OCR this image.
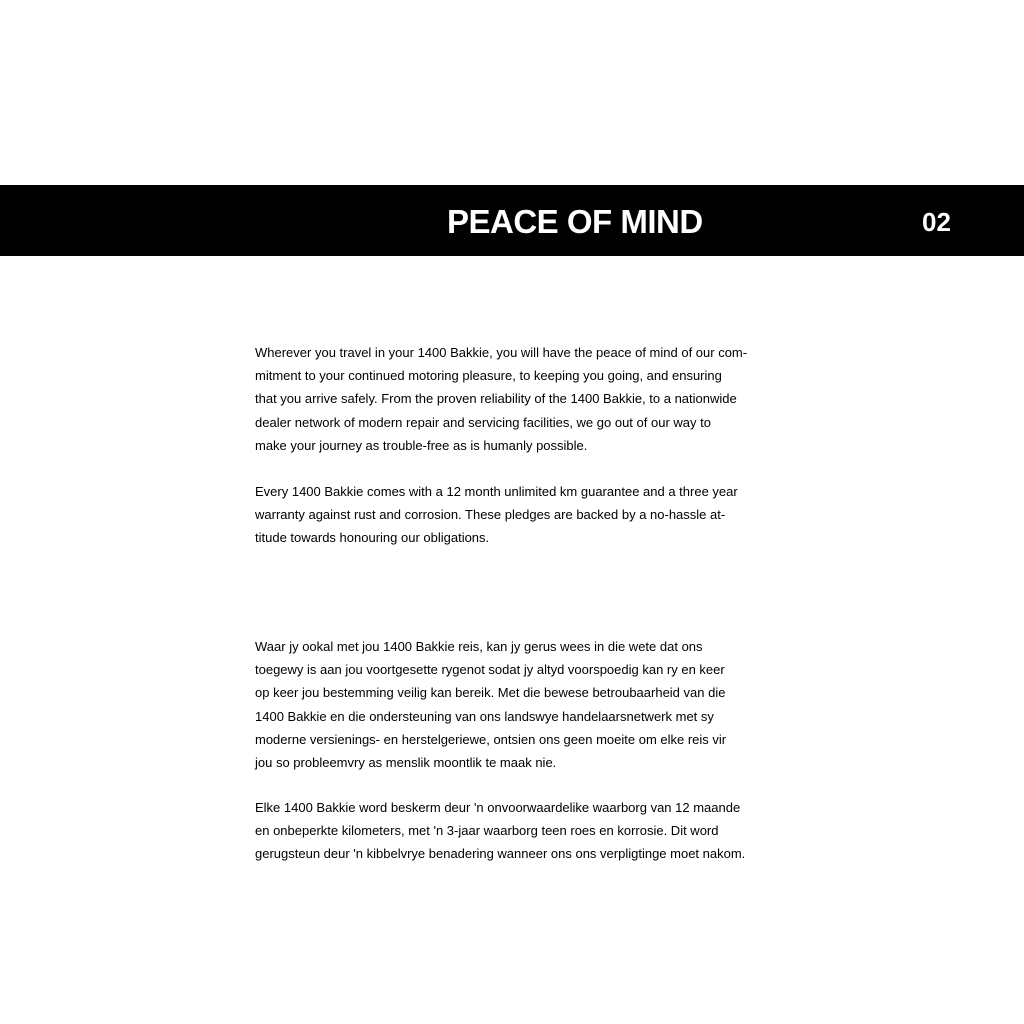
PEACE OF MIND	02
Wherever you travel in your 1400 Bakkie, you will have the peace of mind of our com-
mitment to your continued motoring pleasure, to keeping you going, and ensuring
that you arrive safely. From the proven reliability of the 1400 Bakkie, to a nationwide
dealer network of modern repair and servicing facilities, we go out of our way to
make your journey as trouble-free as is humanly possible.
Every 1400 Bakkie comes with a 12 month unlimited km guarantee and a three year
warranty against rust and corrosion. These pledges are backed by a no-hassle at-
titude towards honouring our obligations.
Waar jy ookal met jou 1400 Bakkie reis, kan jy gerus wees in die wete dat ons
toegewy is aan jou voortgesette rygenot sodat jy altyd voorspoedig kan ry en keer
op keer jou bestemming veilig kan bereik. Met die bewese betroubaarheid van die
1400 Bakkie en die ondersteuning van ons landswye handelaarsnetwerk met sy
moderne versienings- en herstelgeriewe, ontsien ons geen moeite om elke reis vir
jou so probleemvry as menslik moontlik te maak nie.
Elke 1400 Bakkie word beskerm deur 'n onvoorwaardelike waarborg van 12 maande
en onbeperkte kilometers, met 'n 3-jaar waarborg teen roes en korrosie. Dit word
gerugsteun deur 'n kibbelvrye benadering wanneer ons ons verpligtinge moet nakom.
